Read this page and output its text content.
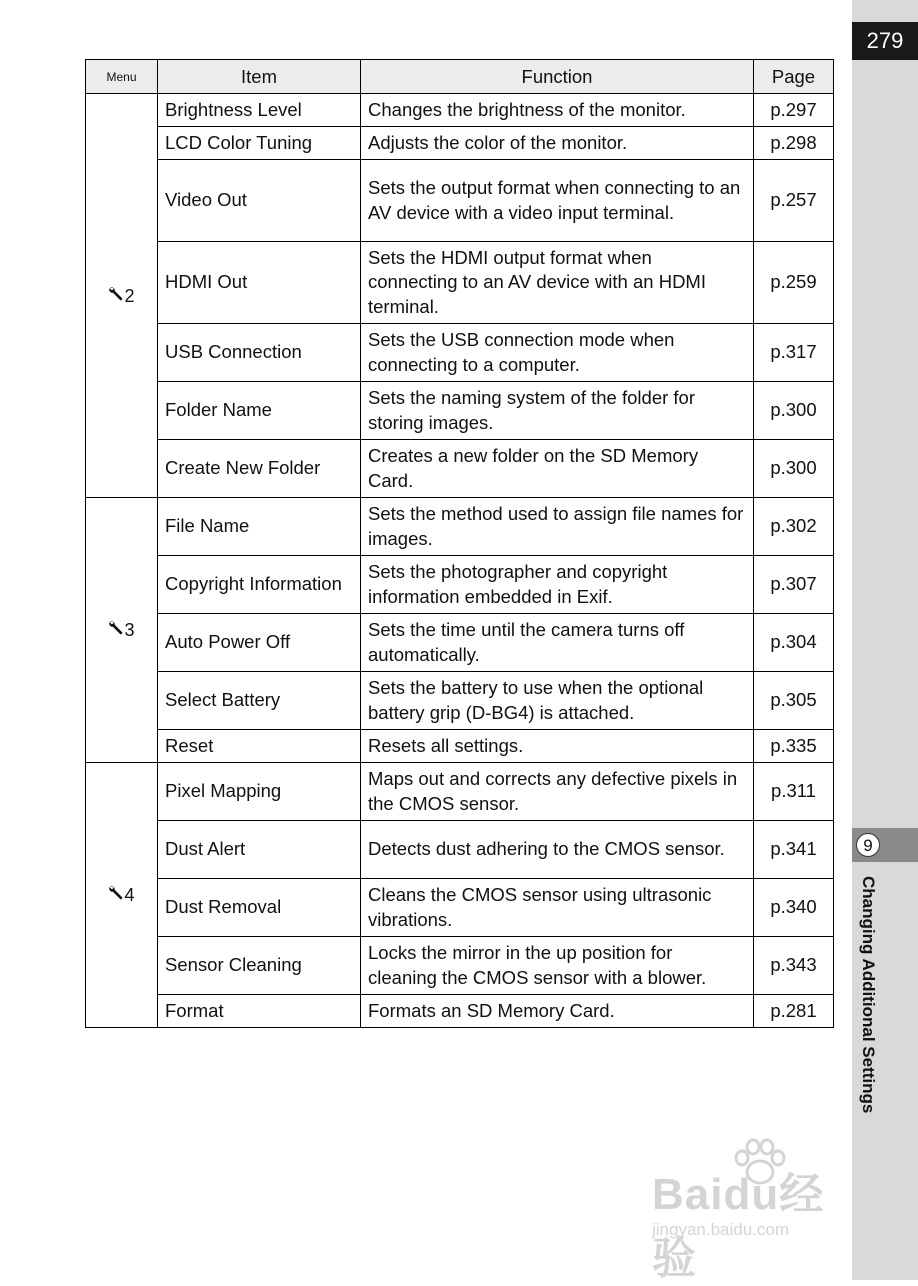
279
9
Changing Additional Settings
Menu	Item	Function	Page
2	Brightness Level	Changes the brightness of the monitor.	p.297
	LCD Color Tuning	Adjusts the color of the monitor.	p.298
	Video Out	Sets the output format when connecting to an AV device with a video input terminal.	p.257
	HDMI Out	Sets the HDMI output format when connecting to an AV device with an HDMI terminal.	p.259
	USB Connection	Sets the USB connection mode when connecting to a computer.	p.317
	Folder Name	Sets the naming system of the folder for storing images.	p.300
	Create New Folder	Creates a new folder on the SD Memory Card.	p.300
3	File Name	Sets the method used to assign file names for images.	p.302
	Copyright Information	Sets the photographer and copyright information embedded in Exif.	p.307
	Auto Power Off	Sets the time until the camera turns off automatically.	p.304
	Select Battery	Sets the battery to use when the optional battery grip (D-BG4) is attached.	p.305
	Reset	Resets all settings.	p.335
4	Pixel Mapping	Maps out and corrects any defective pixels in the CMOS sensor.	p.311
	Dust Alert	Detects dust adhering to the CMOS sensor.	p.341
	Dust Removal	Cleans the CMOS sensor using ultrasonic vibrations.	p.340
	Sensor Cleaning	Locks the mirror in the up position for cleaning the CMOS sensor with a blower.	p.343
	Format	Formats an SD Memory Card.	p.281
Baidu经验
jingyan.baidu.com
